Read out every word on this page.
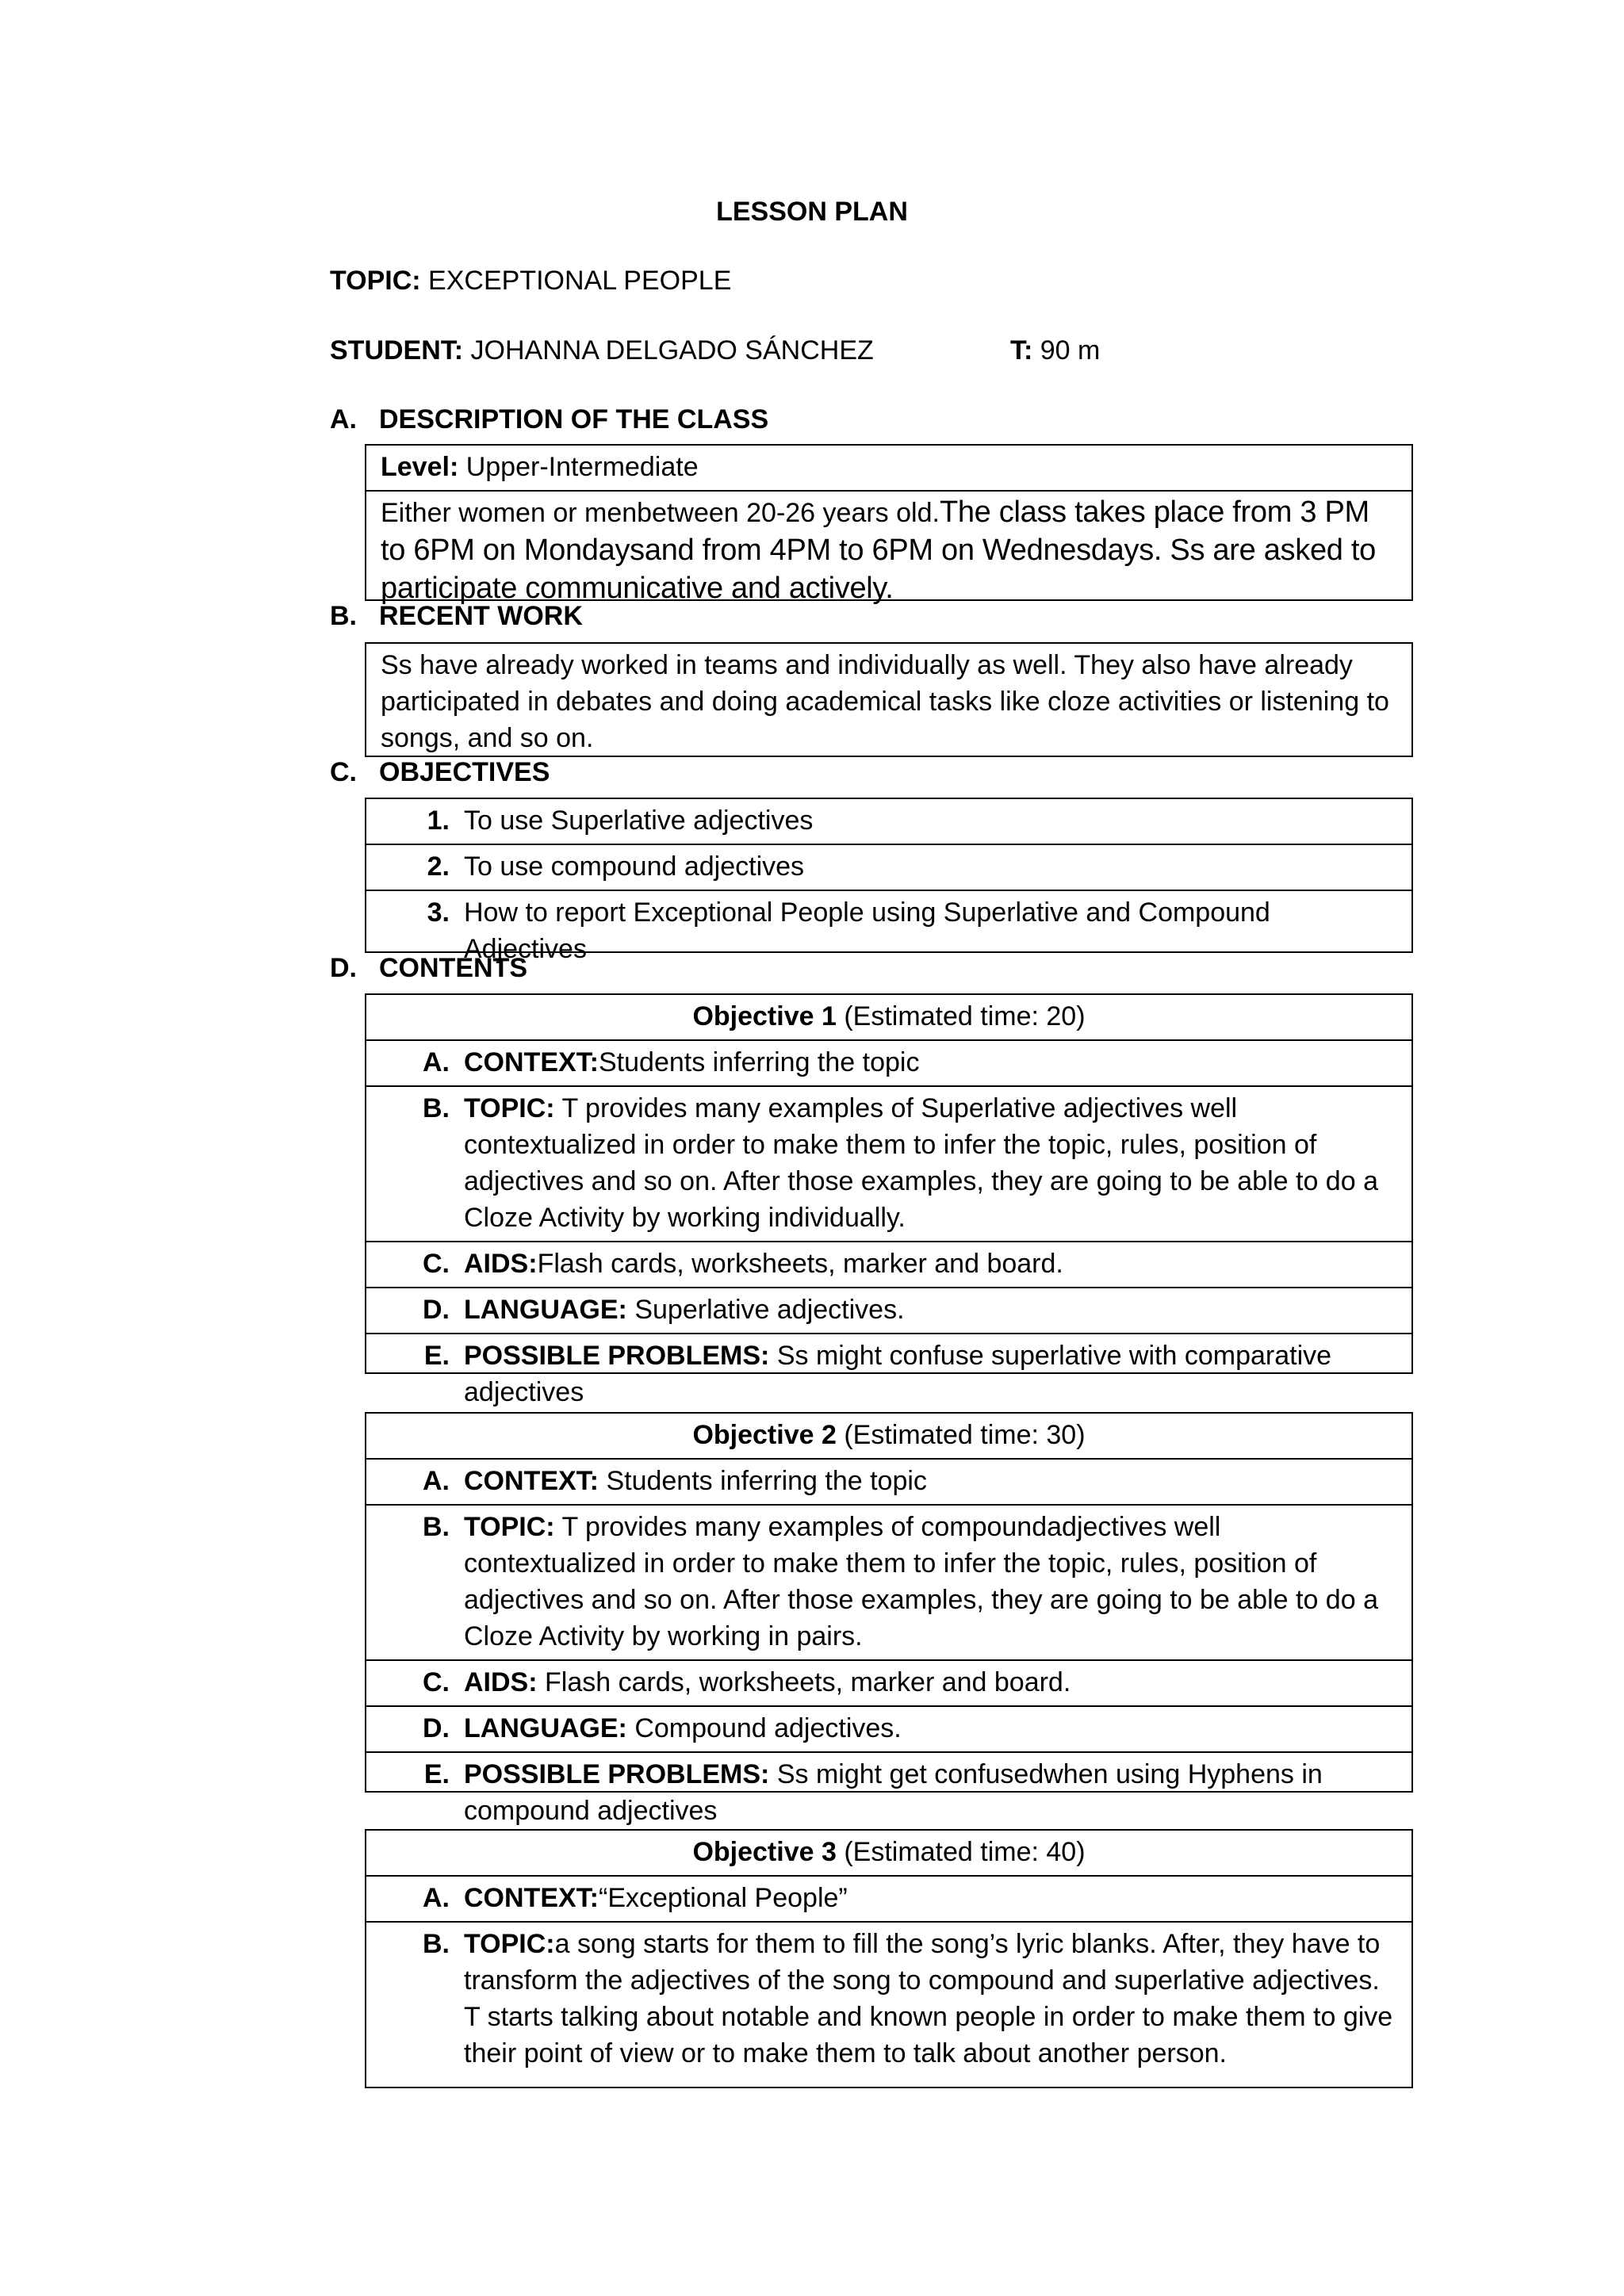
LESSON PLAN
TOPIC: EXCEPTIONAL PEOPLE
STUDENT: JOHANNA DELGADO SÁNCHEZ	T: 90 m
A. DESCRIPTION OF THE CLASS
Level: Upper-Intermediate
Either women or menbetween 20-26 years old.The class takes place from 3 PM to 6PM on Mondaysand from 4PM to 6PM on Wednesdays. Ss are asked to participate communicative and actively.
B. RECENT WORK
Ss have already worked in teams and individually as well. They also have already participated in debates and doing academical tasks like cloze activities or listening to songs, and so on.
C. OBJECTIVES
1. To use Superlative adjectives
2. To use compound adjectives
3. How to report Exceptional People using Superlative and Compound Adjectives
D. CONTENTS
Objective 1 (Estimated time: 20)
A. CONTEXT:Students inferring the topic
B. TOPIC: T provides many examples of Superlative adjectives well contextualized in order to make them to infer the topic, rules, position of adjectives and so on. After those examples, they are going to be able to do a Cloze Activity by working individually.
C. AIDS:Flash cards, worksheets, marker and board.
D. LANGUAGE: Superlative adjectives.
E. POSSIBLE PROBLEMS: Ss might confuse superlative with comparative adjectives
Objective 2 (Estimated time: 30)
A. CONTEXT: Students inferring the topic
B. TOPIC: T provides many examples of compoundadjectives well contextualized in order to make them to infer the topic, rules, position of adjectives and so on. After those examples, they are going to be able to do a Cloze Activity by working in pairs.
C. AIDS: Flash cards, worksheets, marker and board.
D. LANGUAGE: Compound adjectives.
E. POSSIBLE PROBLEMS: Ss might get confusedwhen using Hyphens in compound adjectives
Objective 3 (Estimated time: 40)
A. CONTEXT:“Exceptional People”
B. TOPIC:a song starts for them to fill the song’s lyric blanks. After, they have to transform the adjectives of the song to compound and superlative adjectives. T starts talking about notable and known people in order to make them to give their point of view or to make them to talk about another person.
